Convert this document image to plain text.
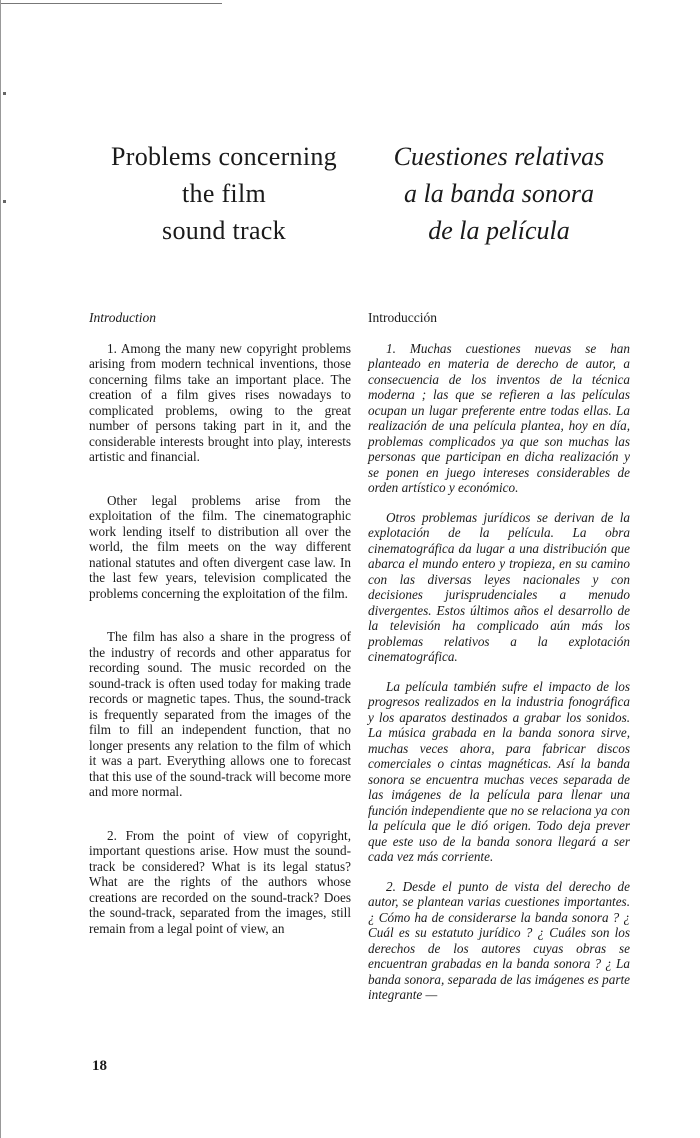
Problems concerning
the film
sound track
Cuestiones relativas
a la banda sonora
de la película

Introduction

1. Among the many new copyright problems arising from modern technical inventions, those concerning films take an important place. The creation of a film gives rises nowadays to complicated problems, owing to the great number of persons taking part in it, and the considerable interests brought into play, interests artistic and financial.

Other legal problems arise from the exploitation of the film. The cinematographic work lending itself to distribution all over the world, the film meets on the way different national statutes and often divergent case law. In the last few years, television complicated the problems concerning the exploitation of the film.

The film has also a share in the progress of the industry of records and other apparatus for recording sound. The music recorded on the sound-track is often used today for making trade records or magnetic tapes. Thus, the sound-track is frequently separated from the images of the film to fill an independent function, that no longer presents any relation to the film of which it was a part. Everything allows one to forecast that this use of the sound-track will become more and more normal.

2. From the point of view of copyright, important questions arise. How must the sound-track be considered? What is its legal status? What are the rights of the authors whose creations are recorded on the sound-track? Does the sound-track, separated from the images, still remain from a legal point of view, an

Introducción

1. Muchas cuestiones nuevas se han planteado en materia de derecho de autor, a consecuencia de los inventos de la técnica moderna ; las que se refieren a las películas ocupan un lugar preferente entre todas ellas. La realización de una película plantea, hoy en día, problemas complicados ya que son muchas las personas que participan en dicha realización y se ponen en juego intereses considerables de orden artístico y económico.

Otros problemas jurídicos se derivan de la explotación de la película. La obra cinematográfica da lugar a una distribución que abarca el mundo entero y tropieza, en su camino con las diversas leyes nacionales y con decisiones jurisprudenciales a menudo divergentes. Estos últimos años el desarrollo de la televisión ha complicado aún más los problemas relativos a la explotación cinematográfica.

La película también sufre el impacto de los progresos realizados en la industria fonográfica y los aparatos destinados a grabar los sonidos. La música grabada en la banda sonora sirve, muchas veces ahora, para fabricar discos comerciales o cintas magnéticas. Así la banda sonora se encuentra muchas veces separada de las imágenes de la película para llenar una función independiente que no se relaciona ya con la película que le dió origen. Todo deja prever que este uso de la banda sonora llegará a ser cada vez más corriente.

2. Desde el punto de vista del derecho de autor, se plantean varias cuestiones importantes. ¿ Cómo ha de considerarse la banda sonora ? ¿ Cuál es su estatuto jurídico ? ¿ Cuáles son los derechos de los autores cuyas obras se encuentran grabadas en la banda sonora ? ¿ La banda sonora, separada de las imágenes es parte integrante —

18
